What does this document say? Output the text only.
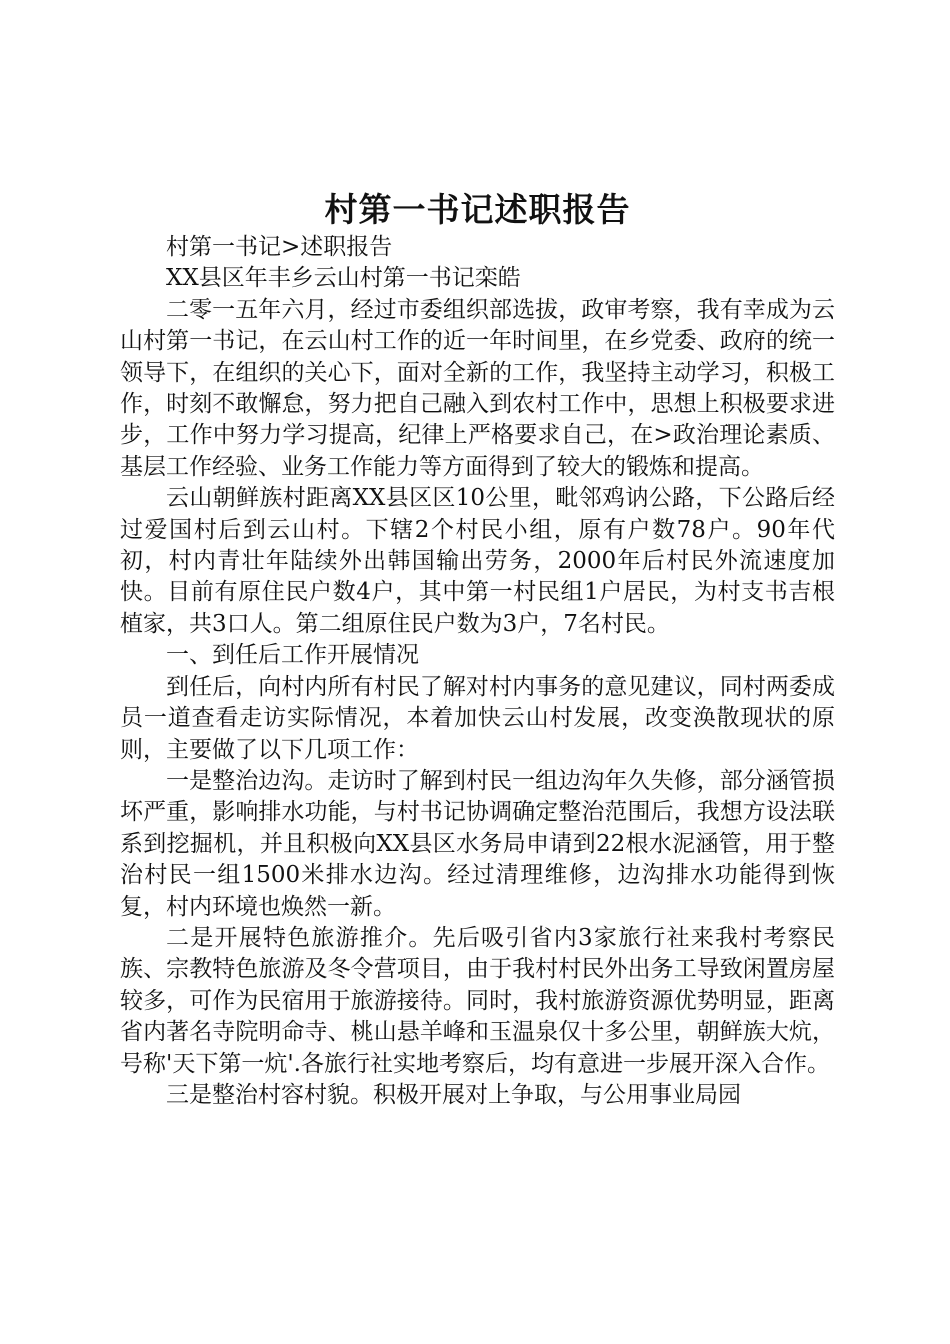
村第一书记述职报告

村第一书记>述职报告

XX县区年丰乡云山村第一书记栾皓

二零一五年六月，经过市委组织部选拔，政审考察，我有幸成为云山村第一书记，在云山村工作的近一年时间里，在乡党委、政府的统一领导下，在组织的关心下，面对全新的工作，我坚持主动学习，积极工作，时刻不敢懈怠，努力把自己融入到农村工作中，思想上积极要求进步，工作中努力学习提高，纪律上严格要求自己，在>政治理论素质、基层工作经验、业务工作能力等方面得到了较大的锻炼和提高。

云山朝鲜族村距离XX县区区10公里，毗邻鸡讷公路，下公路后经过爱国村后到云山村。下辖2个村民小组，原有户数78户。90年代初，村内青壮年陆续外出韩国输出劳务，2000年后村民外流速度加快。目前有原住民户数4户，其中第一村民组1户居民，为村支书吉根植家，共3口人。第二组原住民户数为3户，7名村民。

一、到任后工作开展情况

到任后，向村内所有村民了解对村内事务的意见建议，同村两委成员一道查看走访实际情况，本着加快云山村发展，改变涣散现状的原则，主要做了以下几项工作：

一是整治边沟。走访时了解到村民一组边沟年久失修，部分涵管损坏严重，影响排水功能，与村书记协调确定整治范围后，我想方设法联系到挖掘机，并且积极向XX县区水务局申请到22根水泥涵管，用于整治村民一组1500米排水边沟。经过清理维修，边沟排水功能得到恢复，村内环境也焕然一新。

二是开展特色旅游推介。先后吸引省内3家旅行社来我村考察民族、宗教特色旅游及冬令营项目，由于我村村民外出务工导致闲置房屋较多，可作为民宿用于旅游接待。同时，我村旅游资源优势明显，距离省内著名寺院明命寺、桃山悬羊峰和玉温泉仅十多公里，朝鲜族大炕，号称'天下第一炕'.各旅行社实地考察后，均有意进一步展开深入合作。

三是整治村容村貌。积极开展对上争取，与公用事业局园
